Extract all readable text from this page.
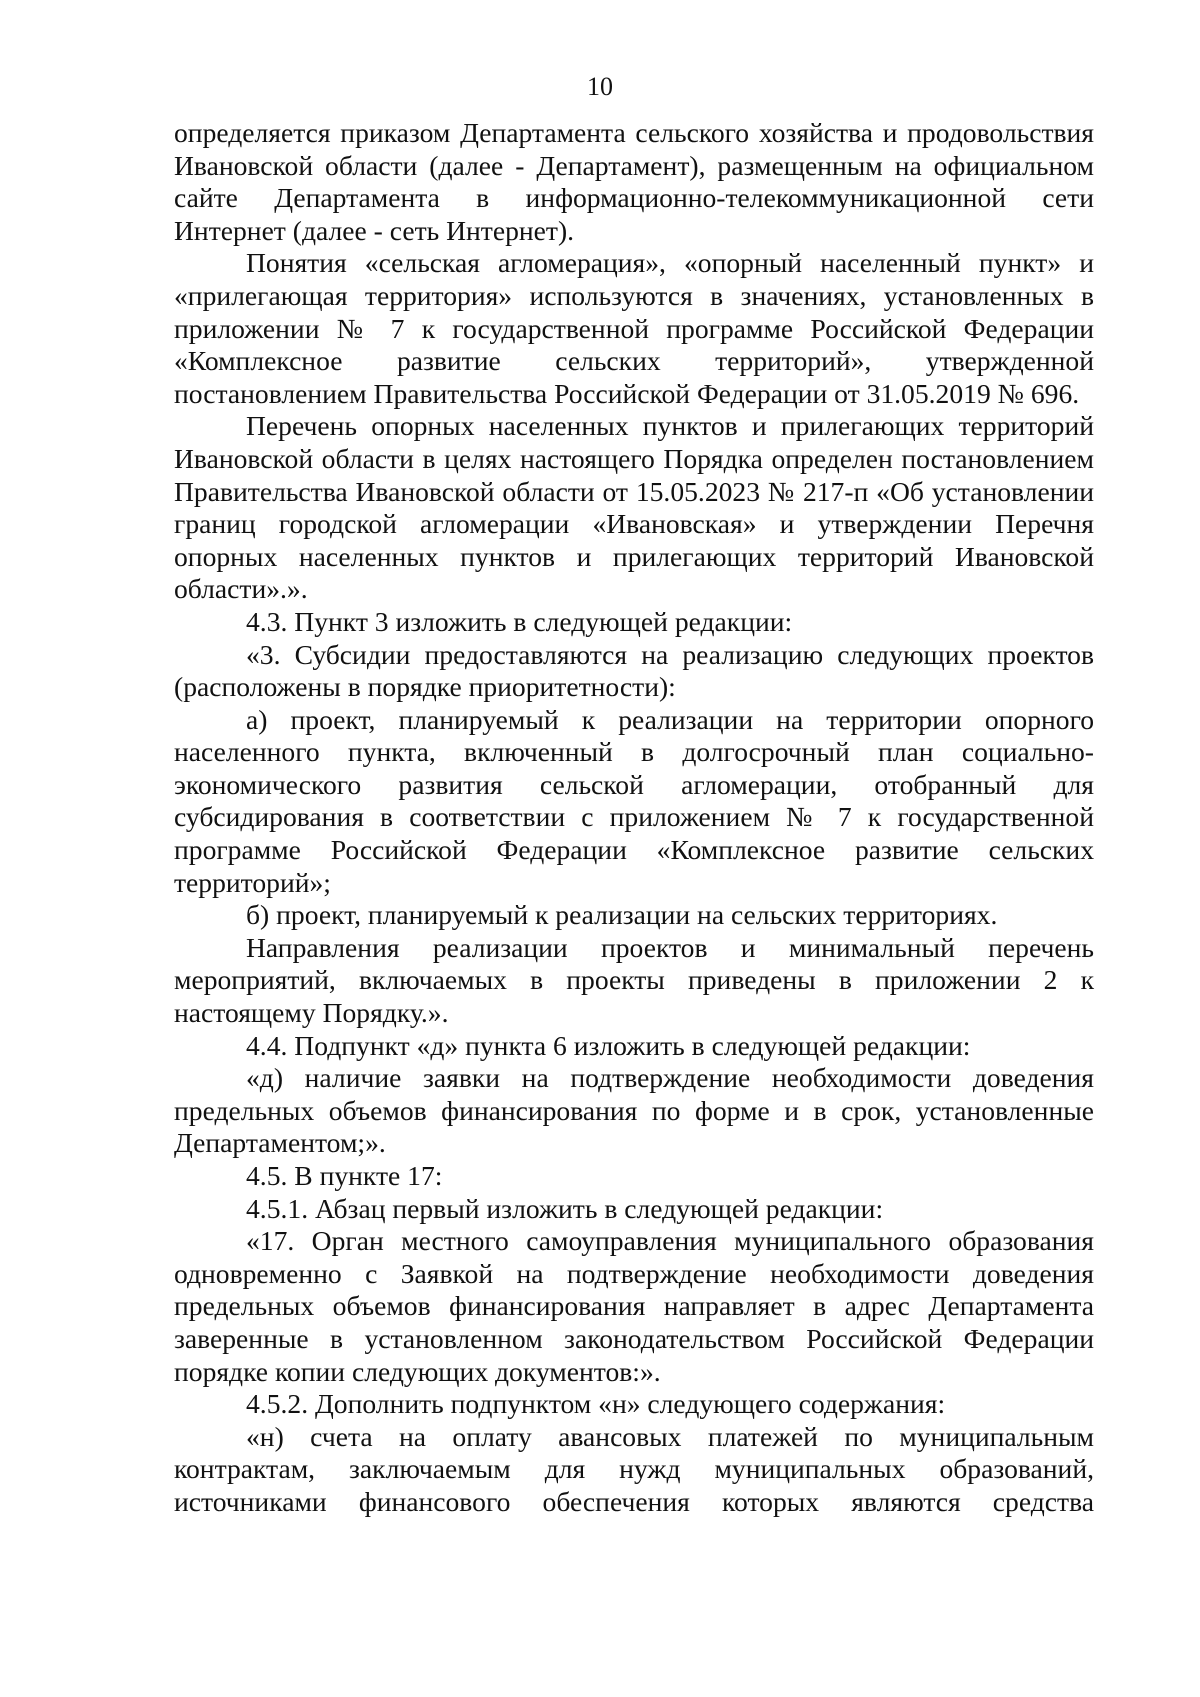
10

определяется приказом Департамента сельского хозяйства и продовольствия Ивановской области (далее - Департамент), размещенным на официальном сайте Департамента в информационно-телекоммуникационной сети Интернет (далее - сеть Интернет).

Понятия «сельская агломерация», «опорный населенный пункт» и «прилегающая территория» используются в значениях, установленных в приложении № 7 к государственной программе Российской Федерации «Комплексное развитие сельских территорий», утвержденной постановлением Правительства Российской Федерации от 31.05.2019 № 696.

Перечень опорных населенных пунктов и прилегающих территорий Ивановской области в целях настоящего Порядка определен постановлением Правительства Ивановской области от 15.05.2023 № 217-п «Об установлении границ городской агломерации «Ивановская» и утверждении Перечня опорных населенных пунктов и прилегающих территорий Ивановской области».».

4.3. Пункт 3 изложить в следующей редакции:

«3. Субсидии предоставляются на реализацию следующих проектов (расположены в порядке приоритетности):

а) проект, планируемый к реализации на территории опорного населенного пункта, включенный в долгосрочный план социально-экономического развития сельской агломерации, отобранный для субсидирования в соответствии с приложением № 7 к государственной программе Российской Федерации «Комплексное развитие сельских территорий»;

б) проект, планируемый к реализации на сельских территориях.

Направления реализации проектов и минимальный перечень мероприятий, включаемых в проекты приведены в приложении 2 к настоящему Порядку.».

4.4. Подпункт «д» пункта 6 изложить в следующей редакции:

«д) наличие заявки на подтверждение необходимости доведения предельных объемов финансирования по форме и в срок, установленные Департаментом;».

4.5. В пункте 17:

4.5.1. Абзац первый изложить в следующей редакции:

«17. Орган местного самоуправления муниципального образования одновременно с Заявкой на подтверждение необходимости доведения предельных объемов финансирования направляет в адрес Департамента заверенные в установленном законодательством Российской Федерации порядке копии следующих документов:».

4.5.2. Дополнить подпунктом «н» следующего содержания:

«н) счета на оплату авансовых платежей по муниципальным контрактам, заключаемым для нужд муниципальных образований, источниками финансового обеспечения которых являются средства
